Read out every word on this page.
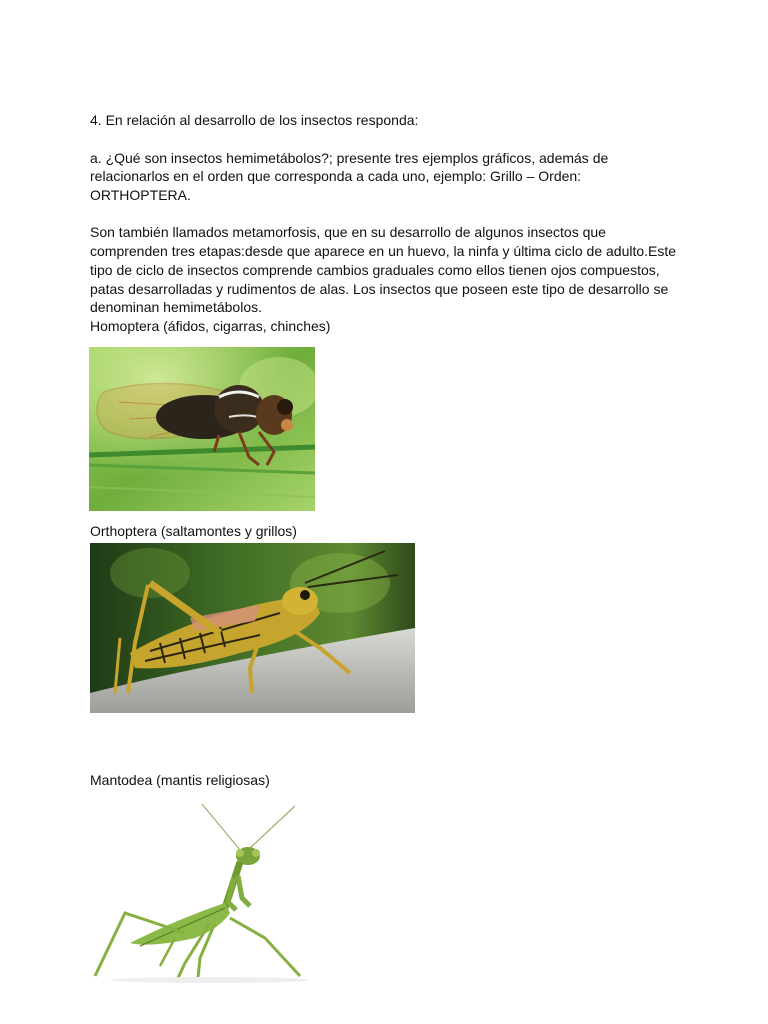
4. En relación al desarrollo de los insectos responda:
a. ¿Qué son insectos hemimetábolos?; presente tres ejemplos gráficos, además de
relacionarlos en el orden que corresponda a cada uno, ejemplo: Grillo – Orden:
ORTHOPTERA.
Son también llamados metamorfosis, que en su desarrollo de algunos insectos que
comprenden tres etapas:desde que aparece en un huevo, la ninfa y última ciclo de adulto.Este
tipo de ciclo de insectos comprende cambios graduales como ellos tienen ojos compuestos,
patas desarrolladas y rudimentos de alas. Los insectos que poseen este tipo de desarrollo se
denominan hemimetábolos.
Homoptera (áfidos, cigarras, chinches)
Orthoptera (saltamontes y grillos)
Mantodea (mantis religiosas)
